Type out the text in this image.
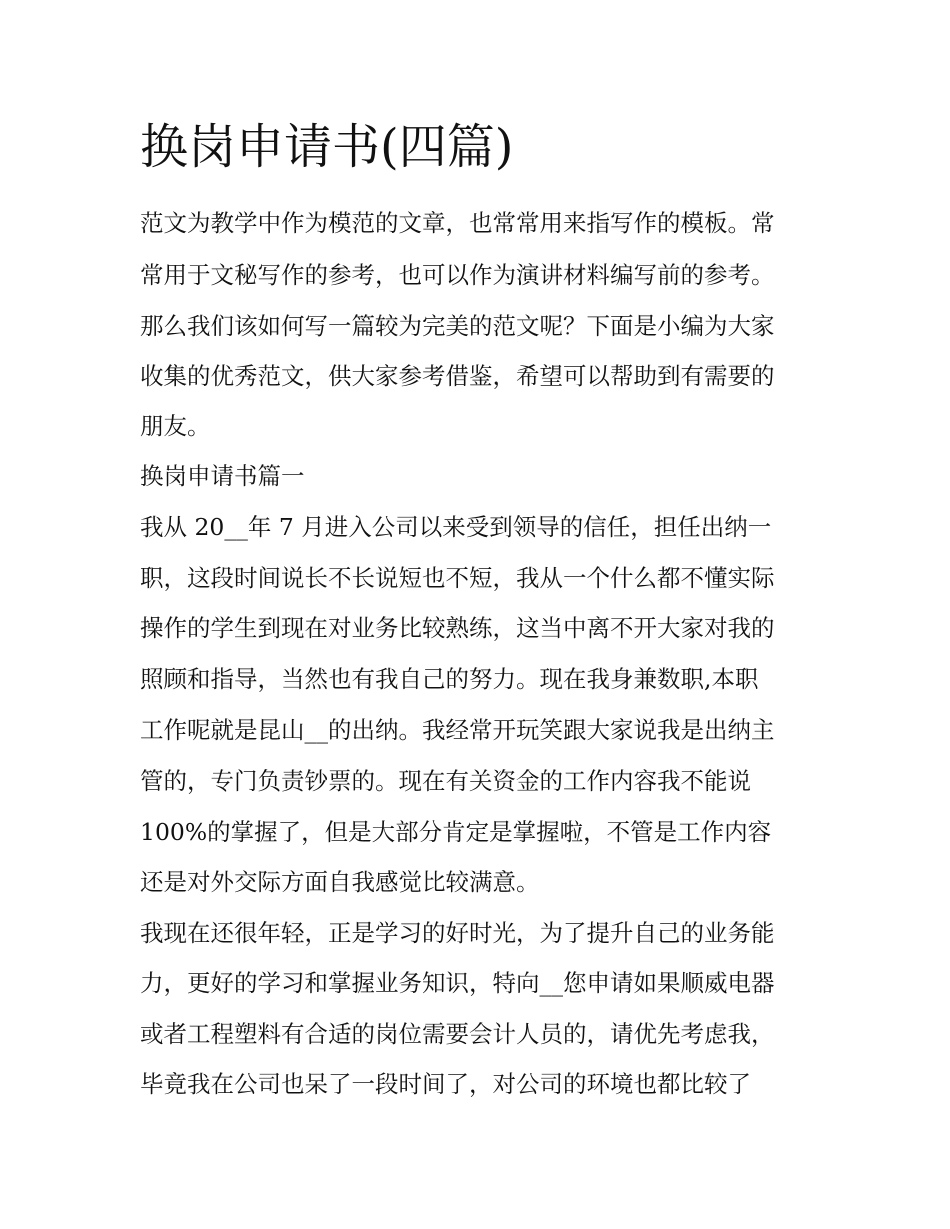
换岗申请书(四篇)

范文为教学中作为模范的文章，也常常用来指写作的模板。常

常用于文秘写作的参考，也可以作为演讲材料编写前的参考。

那么我们该如何写一篇较为完美的范文呢？下面是小编为大家

收集的优秀范文，供大家参考借鉴，希望可以帮助到有需要的

朋友。

换岗申请书篇一

我从 20__年 7 月进入公司以来受到领导的信任，担任出纳一

职，这段时间说长不长说短也不短，我从一个什么都不懂实际

操作的学生到现在对业务比较熟练，这当中离不开大家对我的

照顾和指导，当然也有我自己的努力。现在我身兼数职,本职

工作呢就是昆山__的出纳。我经常开玩笑跟大家说我是出纳主

管的，专门负责钞票的。现在有关资金的工作内容我不能说

100%的掌握了，但是大部分肯定是掌握啦，不管是工作内容

还是对外交际方面自我感觉比较满意。

我现在还很年轻，正是学习的好时光，为了提升自己的业务能

力，更好的学习和掌握业务知识，特向__您申请如果顺威电器

或者工程塑料有合适的岗位需要会计人员的，请优先考虑我，

毕竟我在公司也呆了一段时间了，对公司的环境也都比较了
